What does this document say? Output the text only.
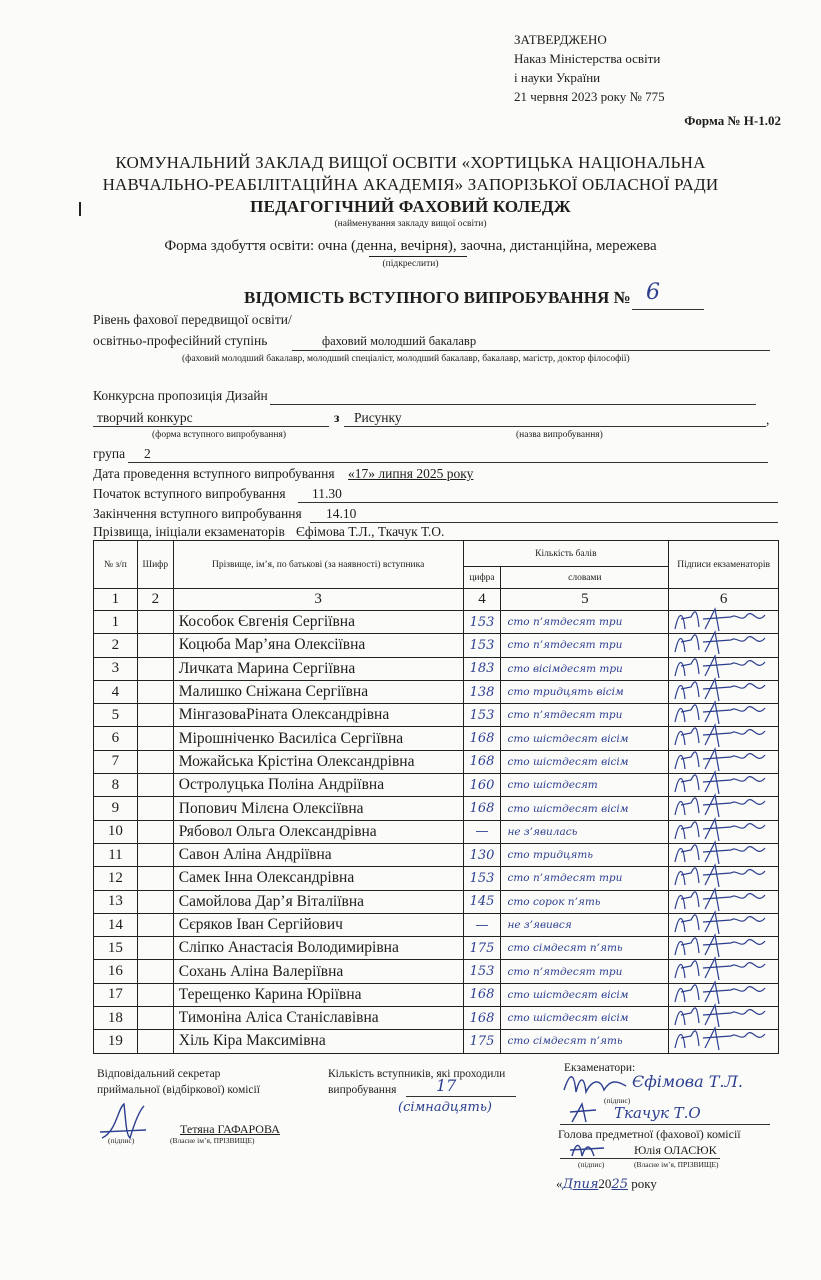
ЗАТВЕРДЖЕНО
Наказ Міністерства освіти
і науки України
21 червня 2023 року № 775
Форма № Н-1.02
КОМУНАЛЬНИЙ ЗАКЛАД ВИЩОЇ ОСВІТИ «ХОРТИЦЬКА НАЦІОНАЛЬНА
НАВЧАЛЬНО-РЕАБІЛІТАЦІЙНА АКАДЕМІЯ» ЗАПОРІЗЬКОЇ ОБЛАСНОЇ РАДИ
ПЕДАГОГІЧНИЙ ФАХОВИЙ КОЛЕДЖ
(найменування закладу вищої освіти)
Форма здобуття освіти: очна (денна, вечірня), заочна, дистанційна, мережева
(підкреслити)
ВІДОМІСТЬ ВСТУПНОГО ВИПРОБУВАННЯ № 6
Рівень фахової передвищої освіти/
освітньо-професійний ступінь	фаховий молодший бакалавр
(фаховий молодший бакалавр, молодший спеціаліст, молодший бакалавр, бакалавр, магістр, доктор філософії)
Конкурсна пропозиція Дизайн
творчий конкурс	з Рисунку	,
(форма вступного випробування)	(назва випробування)
група 2
Дата проведення вступного випробування «17» липня 2025 року
Початок вступного випробування 11.30
Закінчення вступного випробування 14.10
Прізвища, ініціали екзаменаторів Єфімова Т.Л., Ткачук Т.О.
№ з/п	Шифр	Прізвище, ім’я, по батькові (за наявності) вступника	Кількість балів		Підписи екзаменаторів
			цифра	словами	
1	2	3	4	5	6
1		Кособок Євгенія Сергіївна	153	сто п’ятдесят три	

2		Коцюба Мар’яна Олексіївна	153	сто п’ятдесят три	

3		Личката Марина Сергіївна	183	сто вісімдесят три	

4		Малишко Сніжана Сергіївна	138	сто тридцять вісім	

5		МінгазоваРіната Олександрівна	153	сто п’ятдесят три	

6		Мірошніченко Василіса Сергіївна	168	сто шістдесят вісім	

7		Можайська Крістіна Олександрівна	168	сто шістдесят вісім	

8		Остролуцька Поліна Андріївна	160	сто шістдесят	

9		Попович Мілєна Олексіївна	168	сто шістдесят вісім	

10		Рябовол Ольга Олександрівна	—	не з’явилась	

11		Савон Аліна Андріївна	130	сто тридцять	

12		Самек Інна Олександрівна	153	сто п’ятдесят три	

13		Самойлова Дар’я Віталіївна	145	сто сорок п’ять	

14		Сєряков Іван Сергійович	—	не з’явився	

15		Сліпко Анастасія Володимирівна	175	сто сімдесят п’ять	

16		Сохань Аліна Валеріївна	153	сто п’ятдесят три	

17		Терещенко Карина Юріївна	168	сто шістдесят вісім	

18		Тимоніна Аліса Станіславівна	168	сто шістдесят вісім	

19		Хіль Кіра Максимівна	175	сто сімдесят п’ять	
Відповідальний секретар
приймальної (відбіркової) комісії
Тетяна ГАФАРОВА
(підпис)	(Власне ім’я, ПРІЗВИЩЕ)
Кількість вступників, які проходили
випробування	17
(сімнадцять)
Екзаменатори:
Єфімова Т.Л.
(підпис)
Ткачук Т.О
Голова предметної (фахової) комісії
Юлія ОЛАСЮК
(підпис)	(Власне ім’я, ПРІЗВИЩЕ)
«Дпия2025 року
